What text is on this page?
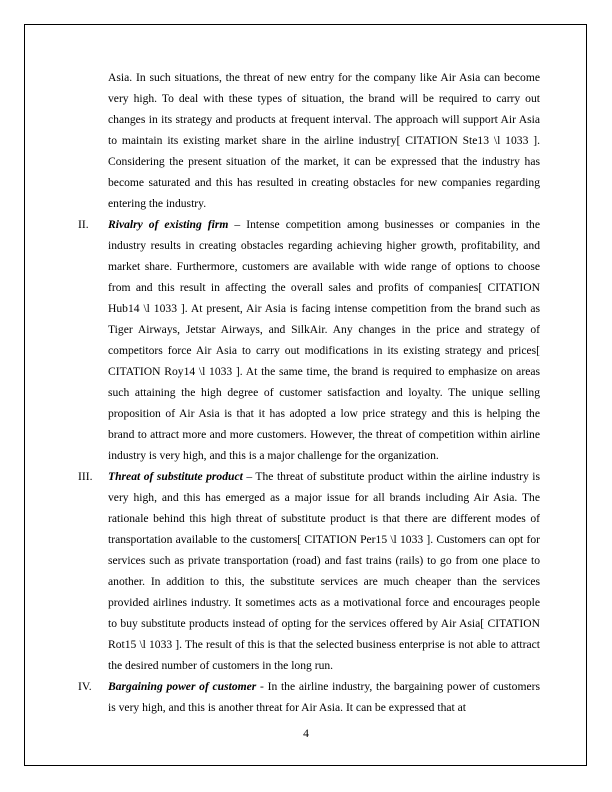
Asia. In such situations, the threat of new entry for the company like Air Asia can become very high. To deal with these types of situation, the brand will be required to carry out changes in its strategy and products at frequent interval. The approach will support Air Asia to maintain its existing market share in the airline industry[ CITATION Ste13 \l 1033 ]. Considering the present situation of the market, it can be expressed that the industry has become saturated and this has resulted in creating obstacles for new companies regarding entering the industry.

II.	Rivalry of existing firm – Intense competition among businesses or companies in the industry results in creating obstacles regarding achieving higher growth, profitability, and market share. Furthermore, customers are available with wide range of options to choose from and this result in affecting the overall sales and profits of companies[ CITATION Hub14 \l 1033 ]. At present, Air Asia is facing intense competition from the brand such as Tiger Airways, Jetstar Airways, and SilkAir. Any changes in the price and strategy of competitors force Air Asia to carry out modifications in its existing strategy and prices[ CITATION Roy14 \l 1033 ]. At the same time, the brand is required to emphasize on areas such attaining the high degree of customer satisfaction and loyalty. The unique selling proposition of Air Asia is that it has adopted a low price strategy and this is helping the brand to attract more and more customers. However, the threat of competition within airline industry is very high, and this is a major challenge for the organization.

III.	Threat of substitute product – The threat of substitute product within the airline industry is very high, and this has emerged as a major issue for all brands including Air Asia. The rationale behind this high threat of substitute product is that there are different modes of transportation available to the customers[ CITATION Per15 \l 1033 ]. Customers can opt for services such as private transportation (road) and fast trains (rails) to go from one place to another. In addition to this, the substitute services are much cheaper than the services provided airlines industry. It sometimes acts as a motivational force and encourages people to buy substitute products instead of opting for the services offered by Air Asia[ CITATION Rot15 \l 1033 ]. The result of this is that the selected business enterprise is not able to attract the desired number of customers in the long run.

IV.	Bargaining power of customer - In the airline industry, the bargaining power of customers is very high, and this is another threat for Air Asia. It can be expressed that at

4
